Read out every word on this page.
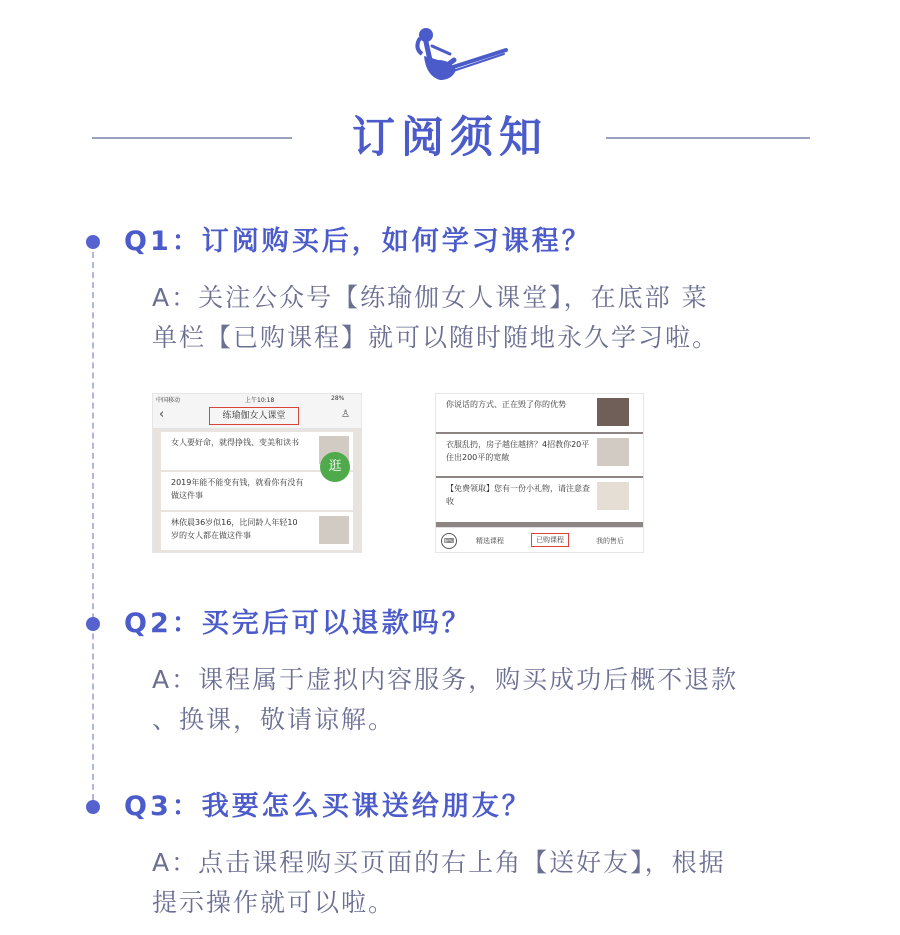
订阅须知
Q1：订阅购买后，如何学习课程？
A：关注公众号【练瑜伽女人课堂】，在底部 菜
单栏【已购课程】就可以随时随地永久学习啦。
中国移动	上午10:18	28%
‹	练瑜伽女人课堂	♙
女人要好命，就得挣钱、变美和读书
2019年能不能变有钱，就看你有没有做这件事
林依晨36岁似16，比同龄人年轻10岁的女人都在做这件事
逛
你说话的方式、正在毁了你的优势
衣服乱扔，房子越住越挤？4招教你20平住出200平的宽敞
【免费领取】您有一份小礼物，请注意查收
⌨	精选课程	已购课程	我的售后
Q2：买完后可以退款吗？
A：课程属于虚拟内容服务，购买成功后概不退款
、换课，敬请谅解。
Q3：我要怎么买课送给朋友？
A：点击课程购买页面的右上角【送好友】，根据
提示操作就可以啦。
